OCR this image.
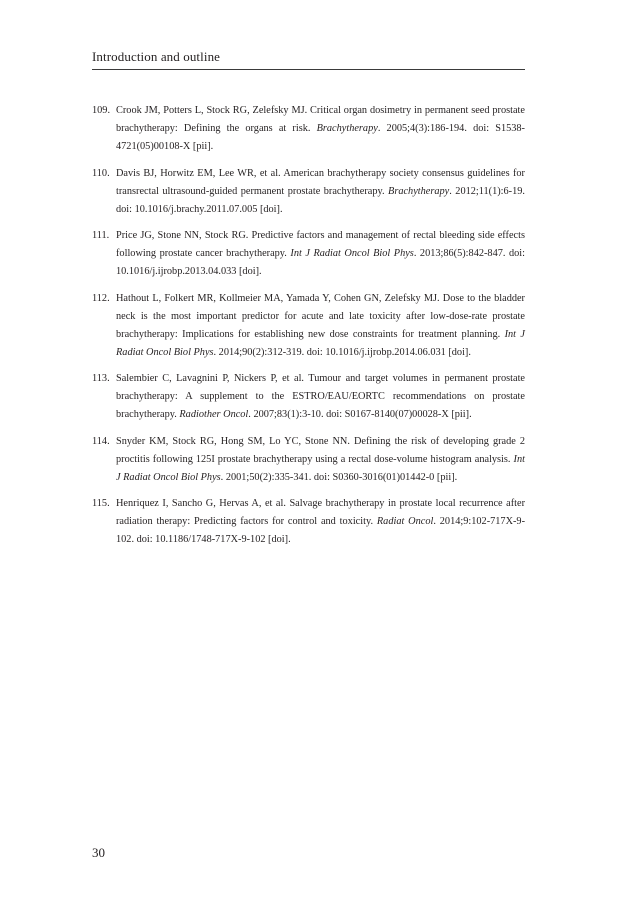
Introduction and outline
109. Crook JM, Potters L, Stock RG, Zelefsky MJ. Critical organ dosimetry in permanent seed prostate brachytherapy: Defining the organs at risk. Brachytherapy. 2005;4(3):186-194. doi: S1538-4721(05)00108-X [pii].
110. Davis BJ, Horwitz EM, Lee WR, et al. American brachytherapy society consensus guidelines for transrectal ultrasound-guided permanent prostate brachytherapy. Brachytherapy. 2012;11(1):6-19. doi: 10.1016/j.brachy.2011.07.005 [doi].
111. Price JG, Stone NN, Stock RG. Predictive factors and management of rectal bleeding side effects following prostate cancer brachytherapy. Int J Radiat Oncol Biol Phys. 2013;86(5):842-847. doi: 10.1016/j.ijrobp.2013.04.033 [doi].
112. Hathout L, Folkert MR, Kollmeier MA, Yamada Y, Cohen GN, Zelefsky MJ. Dose to the bladder neck is the most important predictor for acute and late toxicity after low-dose-rate prostate brachytherapy: Implications for establishing new dose constraints for treatment planning. Int J Radiat Oncol Biol Phys. 2014;90(2):312-319. doi: 10.1016/j.ijrobp.2014.06.031 [doi].
113. Salembier C, Lavagnini P, Nickers P, et al. Tumour and target volumes in permanent prostate brachytherapy: A supplement to the ESTRO/EAU/EORTC recommendations on prostate brachytherapy. Radiother Oncol. 2007;83(1):3-10. doi: S0167-8140(07)00028-X [pii].
114. Snyder KM, Stock RG, Hong SM, Lo YC, Stone NN. Defining the risk of developing grade 2 proctitis following 125I prostate brachytherapy using a rectal dose-volume histogram analysis. Int J Radiat Oncol Biol Phys. 2001;50(2):335-341. doi: S0360-3016(01)01442-0 [pii].
115. Henriquez I, Sancho G, Hervas A, et al. Salvage brachytherapy in prostate local recurrence after radiation therapy: Predicting factors for control and toxicity. Radiat Oncol. 2014;9:102-717X-9-102. doi: 10.1186/1748-717X-9-102 [doi].
30
